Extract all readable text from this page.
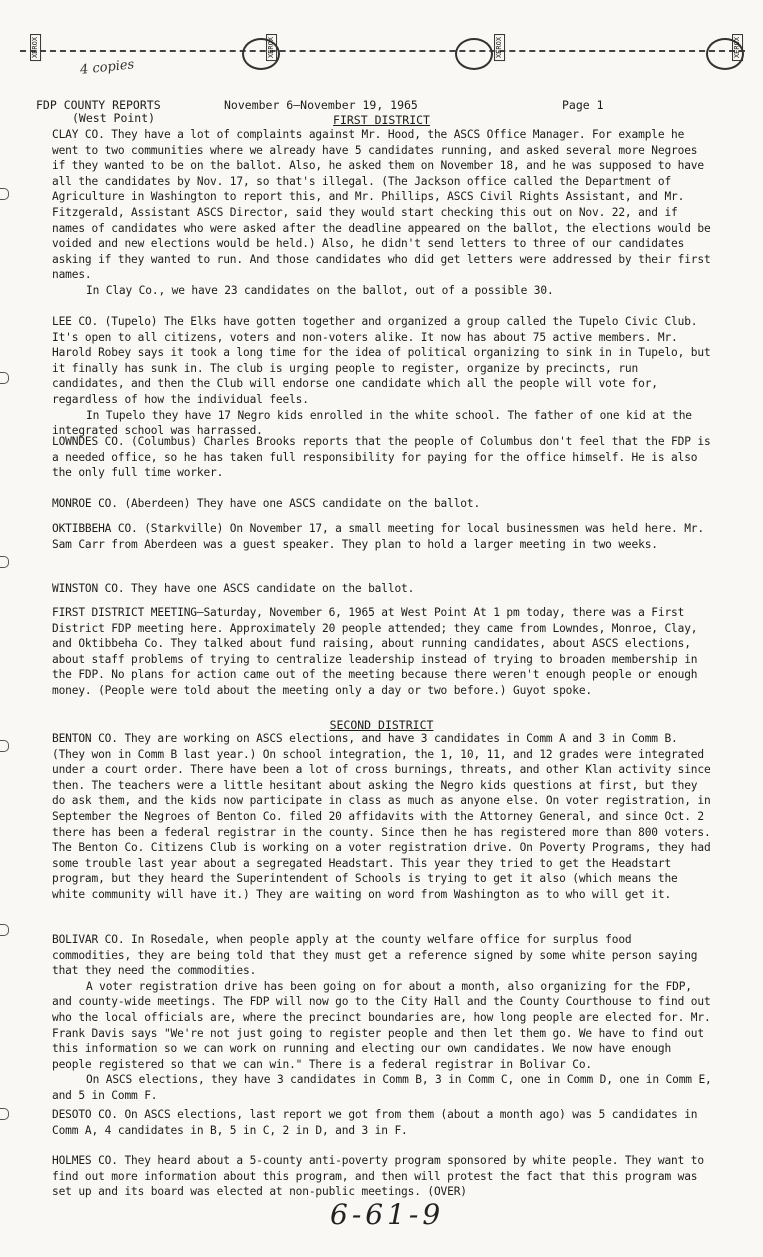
XEROX	XEROX	XEROX	XEROX
4 copies
FDP COUNTY REPORTS
(West Point)
November 6—November 19, 1965	Page 1
FIRST DISTRICT

CLAY CO. They have a lot of complaints against Mr. Hood, the ASCS Office Manager. For example he went to two communities where we already have 5 candidates running, and asked several more Negroes if they wanted to be on the ballot. Also, he asked them on November 18, and he was supposed to have all the candidates by Nov. 17, so that's illegal. (The Jackson office called the Department of Agriculture in Washington to report this, and Mr. Phillips, ASCS Civil Rights Assistant, and Mr. Fitzgerald, Assistant ASCS Director, said they would start checking this out on Nov. 22, and if names of candidates who were asked after the deadline appeared on the ballot, the elections would be voided and new elections would be held.) Also, he didn't send letters to three of our candidates asking if they wanted to run. And those candidates who did get letters were addressed by their first names.

In Clay Co., we have 23 candidates on the ballot, out of a possible 30.

LEE CO. (Tupelo) The Elks have gotten together and organized a group called the Tupelo Civic Club. It's open to all citizens, voters and non-voters alike. It now has about 75 active members. Mr. Harold Robey says it took a long time for the idea of political organizing to sink in in Tupelo, but it finally has sunk in. The club is urging people to register, organize by precincts, run candidates, and then the Club will endorse one candidate which all the people will vote for, regardless of how the individual feels.

In Tupelo they have 17 Negro kids enrolled in the white school. The father of one kid at the integrated school was harrassed.

LOWNDES CO. (Columbus) Charles Brooks reports that the people of Columbus don't feel that the FDP is a needed office, so he has taken full responsibility for paying for the office himself. He is also the only full time worker.

MONROE CO. (Aberdeen) They have one ASCS candidate on the ballot.

OKTIBBEHA CO. (Starkville) On November 17, a small meeting for local businessmen was held here. Mr. Sam Carr from Aberdeen was a guest speaker. They plan to hold a larger meeting in two weeks.

WINSTON CO. They have one ASCS candidate on the ballot.

FIRST DISTRICT MEETING—Saturday, November 6, 1965 at West Point At 1 pm today, there was a First District FDP meeting here. Approximately 20 people attended; they came from Lowndes, Monroe, Clay, and Oktibbeha Co. They talked about fund raising, about running candidates, about ASCS elections, about staff problems of trying to centralize leadership instead of trying to broaden membership in the FDP. No plans for action came out of the meeting because there weren't enough people or enough money. (People were told about the meeting only a day or two before.) Guyot spoke.

SECOND DISTRICT

BENTON CO. They are working on ASCS elections, and have 3 candidates in Comm A and 3 in Comm B. (They won in Comm B last year.) On school integration, the 1, 10, 11, and 12 grades were integrated under a court order. There have been a lot of cross burnings, threats, and other Klan activity since then. The teachers were a little hesitant about asking the Negro kids questions at first, but they do ask them, and the kids now participate in class as much as anyone else. On voter registration, in September the Negroes of Benton Co. filed 20 affidavits with the Attorney General, and since Oct. 2 there has been a federal registrar in the county. Since then he has registered more than 800 voters. The Benton Co. Citizens Club is working on a voter registration drive. On Poverty Programs, they had some trouble last year about a segregated Headstart. This year they tried to get the Headstart program, but they heard the Superintendent of Schools is trying to get it also (which means the white community will have it.) They are waiting on word from Washington as to who will get it.

BOLIVAR CO. In Rosedale, when people apply at the county welfare office for surplus food commodities, they are being told that they must get a reference signed by some white person saying that they need the commodities.

A voter registration drive has been going on for about a month, also organizing for the FDP, and county-wide meetings. The FDP will now go to the City Hall and the County Courthouse to find out who the local officials are, where the precinct boundaries are, how long people are elected for. Mr. Frank Davis says "We're not just going to register people and then let them go. We have to find out this information so we can work on running and electing our own candidates. We now have enough people registered so that we can win." There is a federal registrar in Bolivar Co.

On ASCS elections, they have 3 candidates in Comm B, 3 in Comm C, one in Comm D, one in Comm E, and 5 in Comm F.

DESOTO CO. On ASCS elections, last report we got from them (about a month ago) was 5 candidates in Comm A, 4 candidates in B, 5 in C, 2 in D, and 3 in F.

HOLMES CO. They heard about a 5-county anti-poverty program sponsored by white people. They want to find out more information about this program, and then will protest the fact that this program was set up and its board was elected at non-public meetings. (OVER)

6-61-9
